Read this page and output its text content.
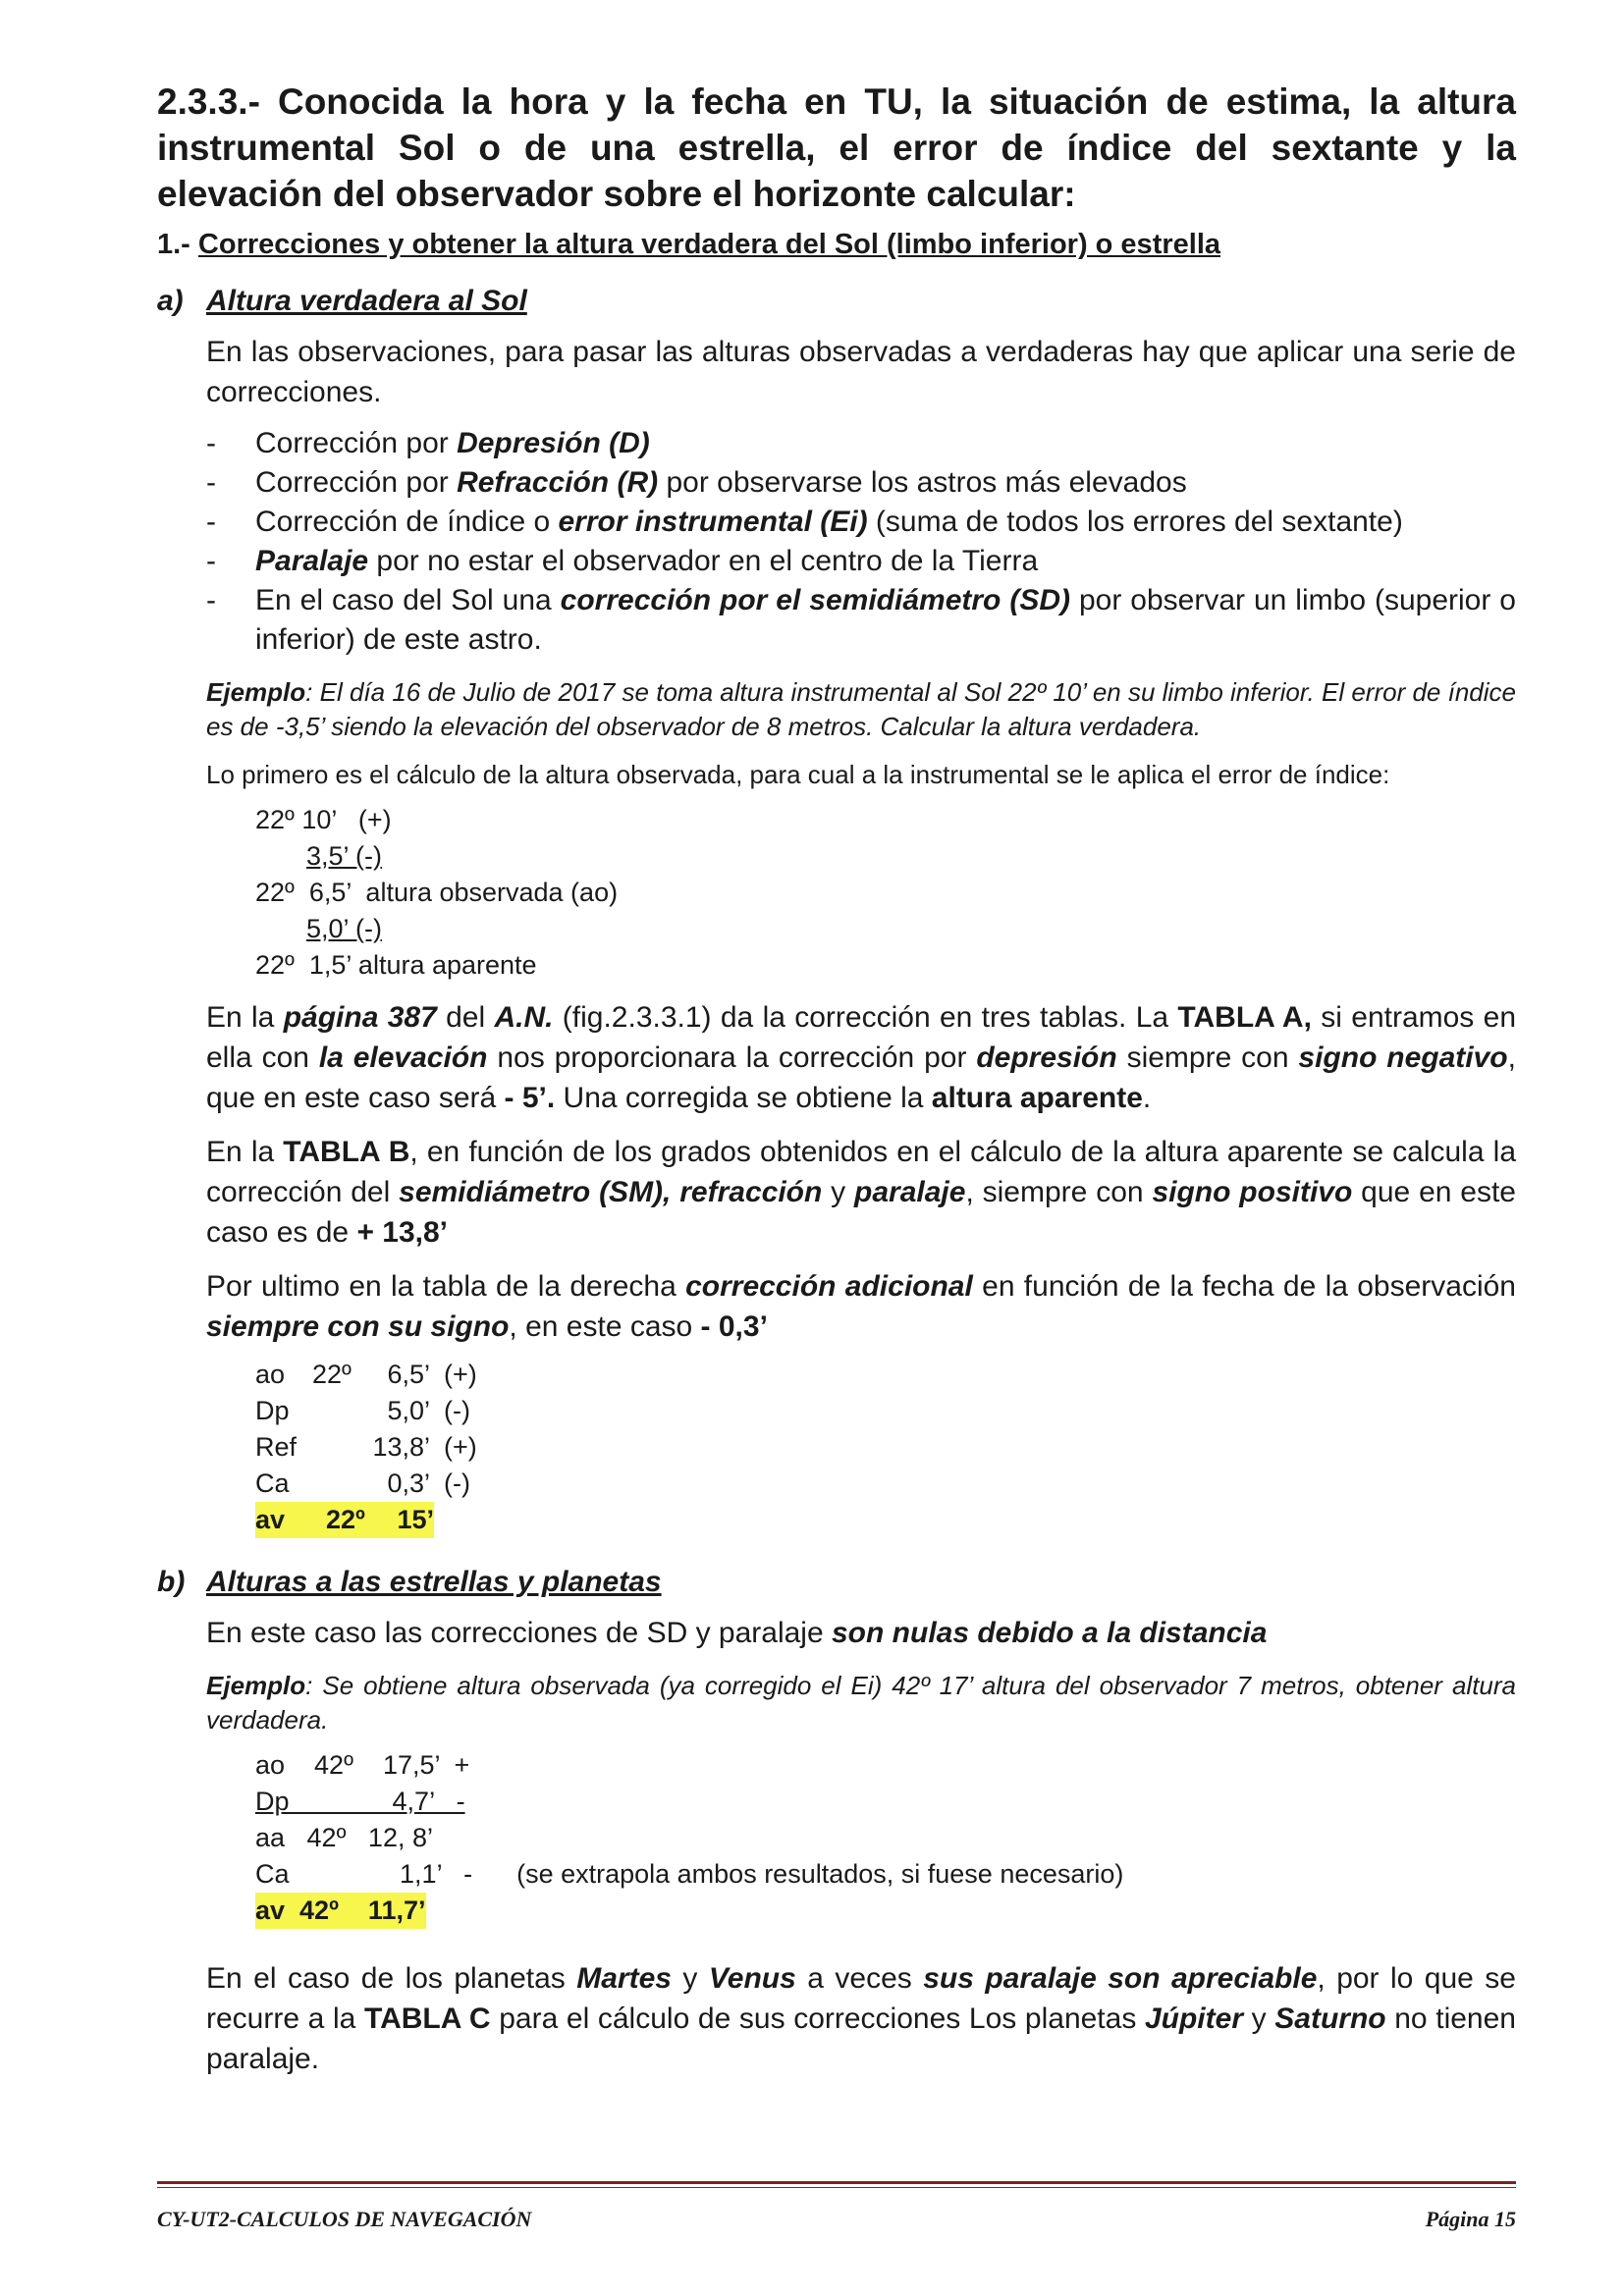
2.3.3.- Conocida la hora y la fecha en TU, la situación de estima, la altura instrumental Sol o de una estrella, el error de índice del sextante y la elevación del observador sobre el horizonte calcular:
1.- Correcciones y obtener la altura verdadera del Sol (limbo inferior) o estrella
a) Altura verdadera al Sol

En las observaciones, para pasar las alturas observadas a verdaderas hay que aplicar una serie de correcciones.

-	Corrección por Depresión (D)
-	Corrección por Refracción (R) por observarse los astros más elevados
-	Corrección de índice o error instrumental (Ei) (suma de todos los errores del sextante)
-	Paralaje por no estar el observador en el centro de la Tierra
-	En el caso del Sol una corrección por el semidiámetro (SD) por observar un limbo (superior o inferior) de este astro.

Ejemplo: El día 16 de Julio de 2017 se toma altura instrumental al Sol 22º 10’ en su limbo inferior. El error de índice es de -3,5’ siendo la elevación del observador de 8 metros. Calcular la altura verdadera.

Lo primero es el cálculo de la altura observada, para cual a la instrumental se le aplica el error de índice:

22º 10’   (+)
3,5’ (-)
22º  6,5’  altura observada (ao)
5,0’ (-)
22º  1,5’ altura aparente

En la página 387 del A.N. (fig.2.3.3.1) da la corrección en tres tablas. La TABLA A, si entramos en ella con la elevación nos proporcionara la corrección por depresión siempre con signo negativo, que en este caso será - 5’. Una corregida se obtiene la altura aparente.

En la TABLA B, en función de los grados obtenidos en el cálculo de la altura aparente se calcula la corrección del semidiámetro (SM), refracción y paralaje, siempre con signo positivo que en este caso es de + 13,8’

Por ultimo en la tabla de la derecha corrección adicional en función de la fecha de la observación siempre con su signo, en este caso - 0,3’

ao	22º	6,5’ (+)
Dp	5,0’ (-)
Ref	13,8’ (+)
Ca	0,3’ (-)
av	22º	15’
b) Alturas a las estrellas y planetas

En este caso las correcciones de SD y paralaje son nulas debido a la distancia

Ejemplo: Se obtiene altura observada (ya corregido el Ei) 42º 17’ altura del observador 7 metros, obtener altura verdadera.

ao    42º    17,5’  +
Dp              4,7’   -
aa   42º   12, 8’
Ca               1,1’   -      (se extrapola ambos resultados, si fuese necesario)
av  42º    11,7’

En el caso de los planetas Martes y Venus a veces sus paralaje son apreciable, por lo que se recurre a la TABLA C para el cálculo de sus correcciones Los planetas Júpiter y Saturno no tienen paralaje.

CY-UT2-CALCULOS DE NAVEGACIÓN	Página 15
